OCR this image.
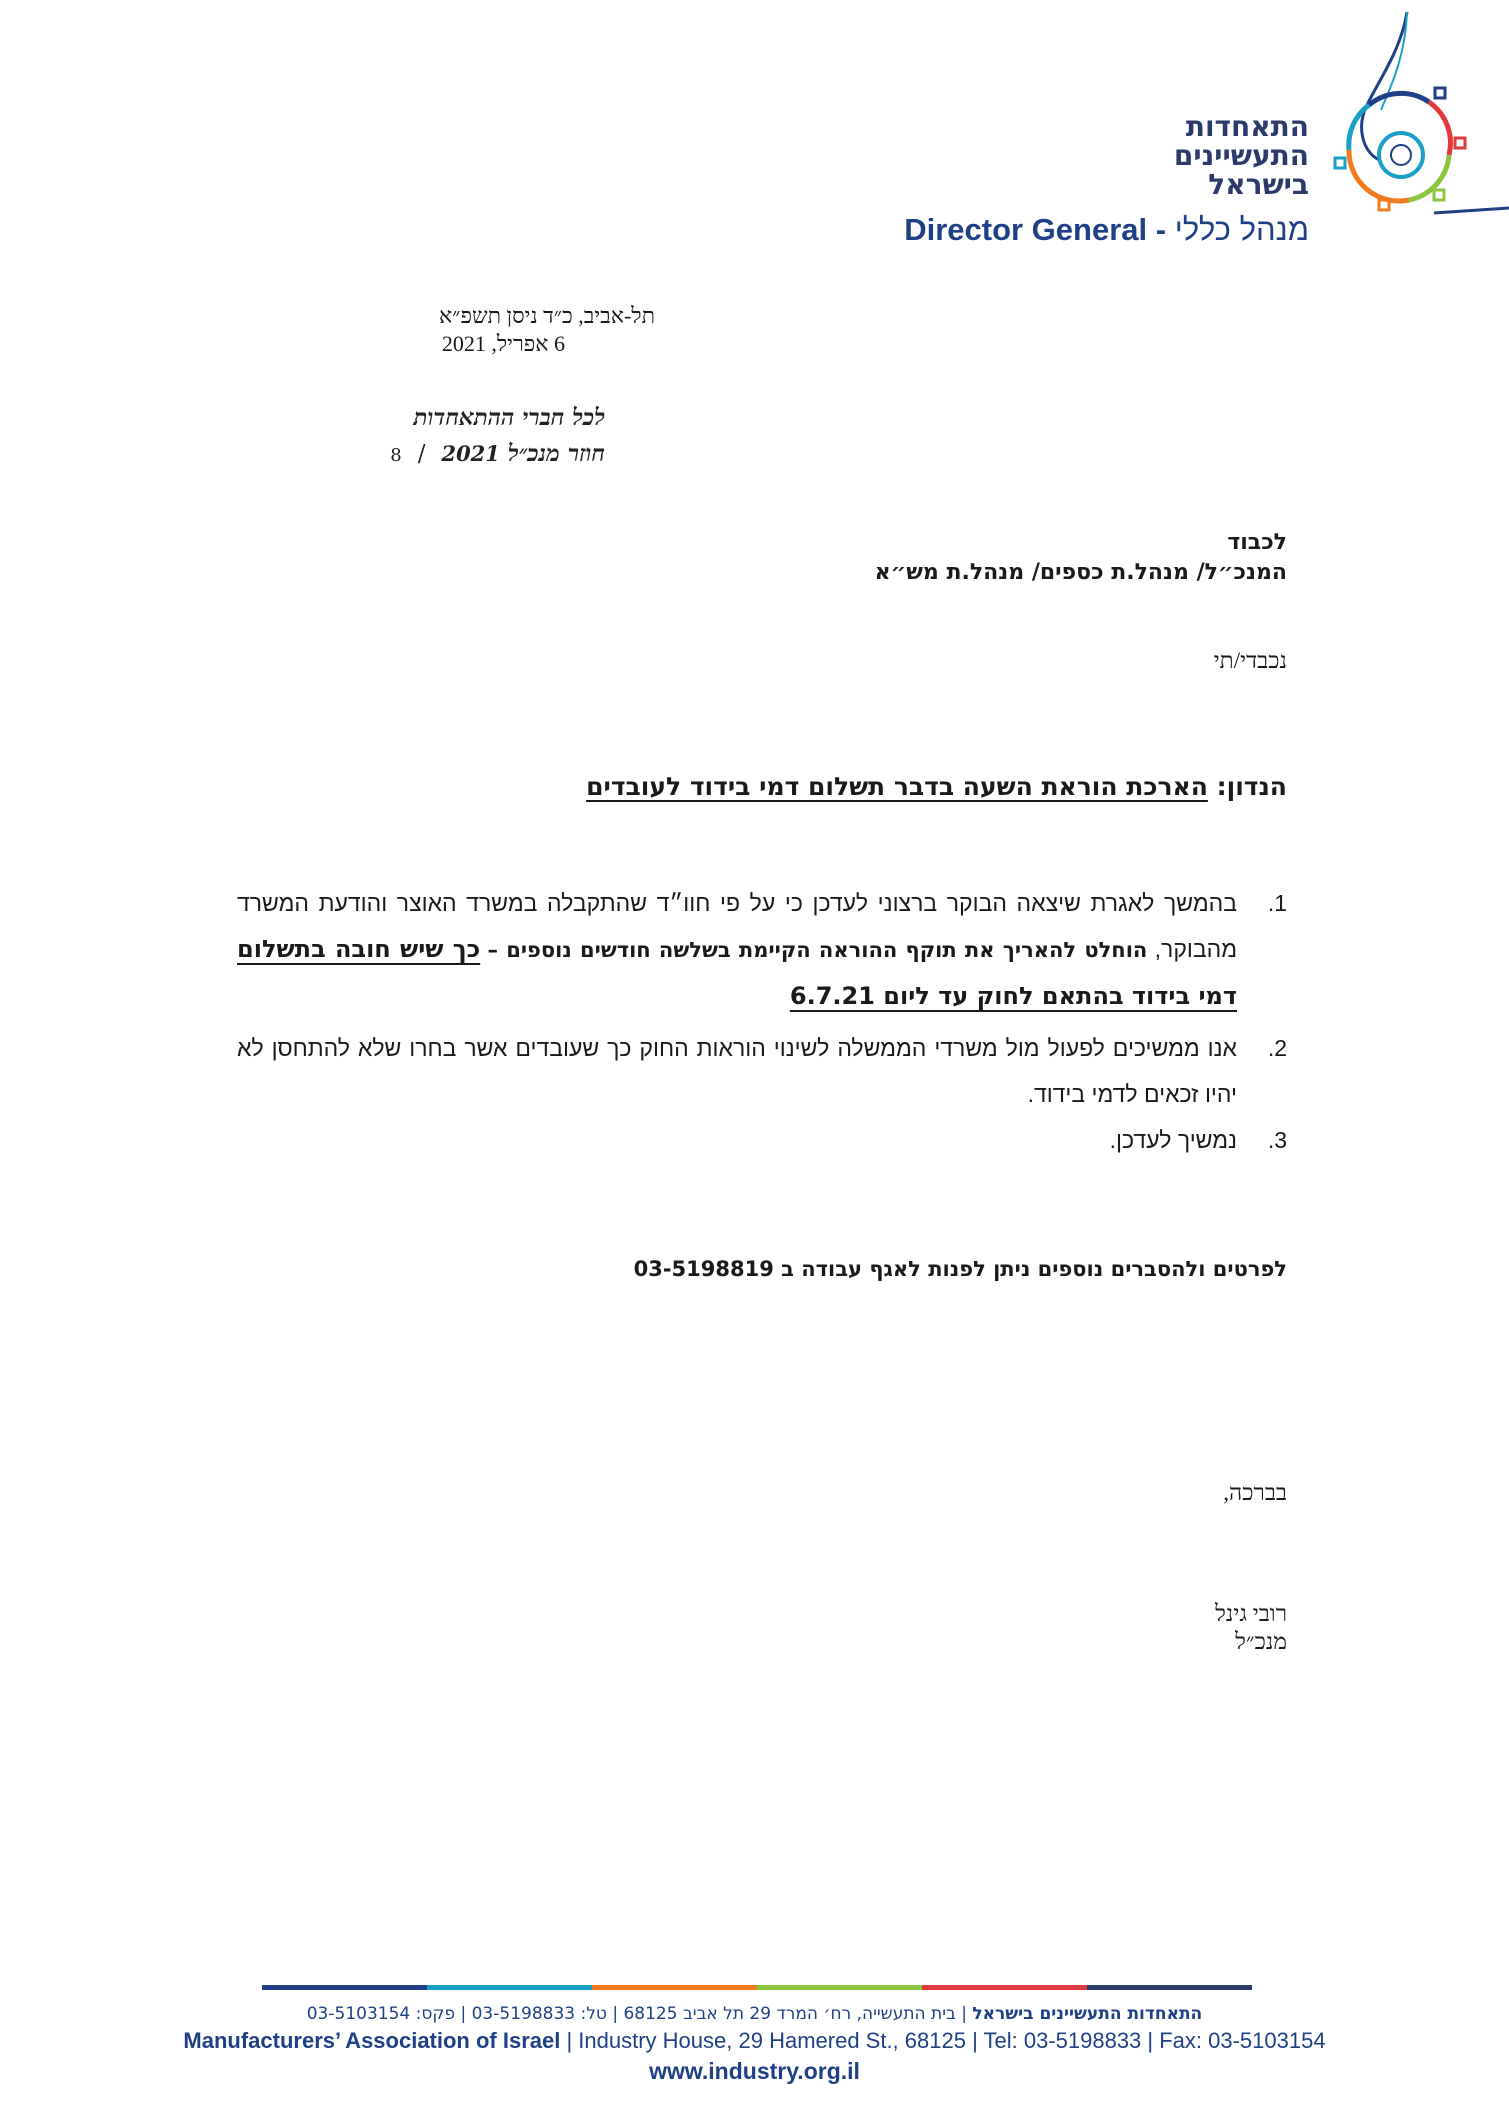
התאחדות
התעשיינים
בישראל
Director General - מנהל כללי
תל-אביב, כ״ד ניסן תשפ״א
6 אפריל, 2021
לכל חברי ההתאחדות
חוזר מנכ״ל 2021  /  8
לכבוד
המנכ״ל/ מנהל.ת כספים/ מנהל.ת מש״א
נכבדי/תי
הנדון: הארכת הוראת השעה בדבר תשלום דמי בידוד לעובדים
1.
בהמשך לאגרת שיצאה הבוקר ברצוני לעדכן כי על פי חוו״ד שהתקבלה במשרד האוצר והודעת המשרד מהבוקר, הוחלט להאריך את תוקף ההוראה הקיימת בשלשה חודשים נוספים – כך שיש חובה בתשלום דמי בידוד בהתאם לחוק עד ליום 6.7.21
2.
אנו ממשיכים לפעול מול משרדי הממשלה לשינוי הוראות החוק כך שעובדים אשר בחרו שלא להתחסן לא יהיו זכאים לדמי בידוד.
3.
נמשיך לעדכן.
לפרטים ולהסברים נוספים ניתן לפנות לאגף עבודה ב 03-5198819
בברכה,
רובי גינל
מנכ״ל
התאחדות התעשיינים בישראל | בית התעשייה, רח׳ המרד 29 תל אביב 68125 | טל: 03-5198833 | פקס: 03-5103154
Manufacturers’ Association of Israel | Industry House, 29 Hamered St., 68125 | Tel: 03-5198833 | Fax: 03-5103154
www.industry.org.il
